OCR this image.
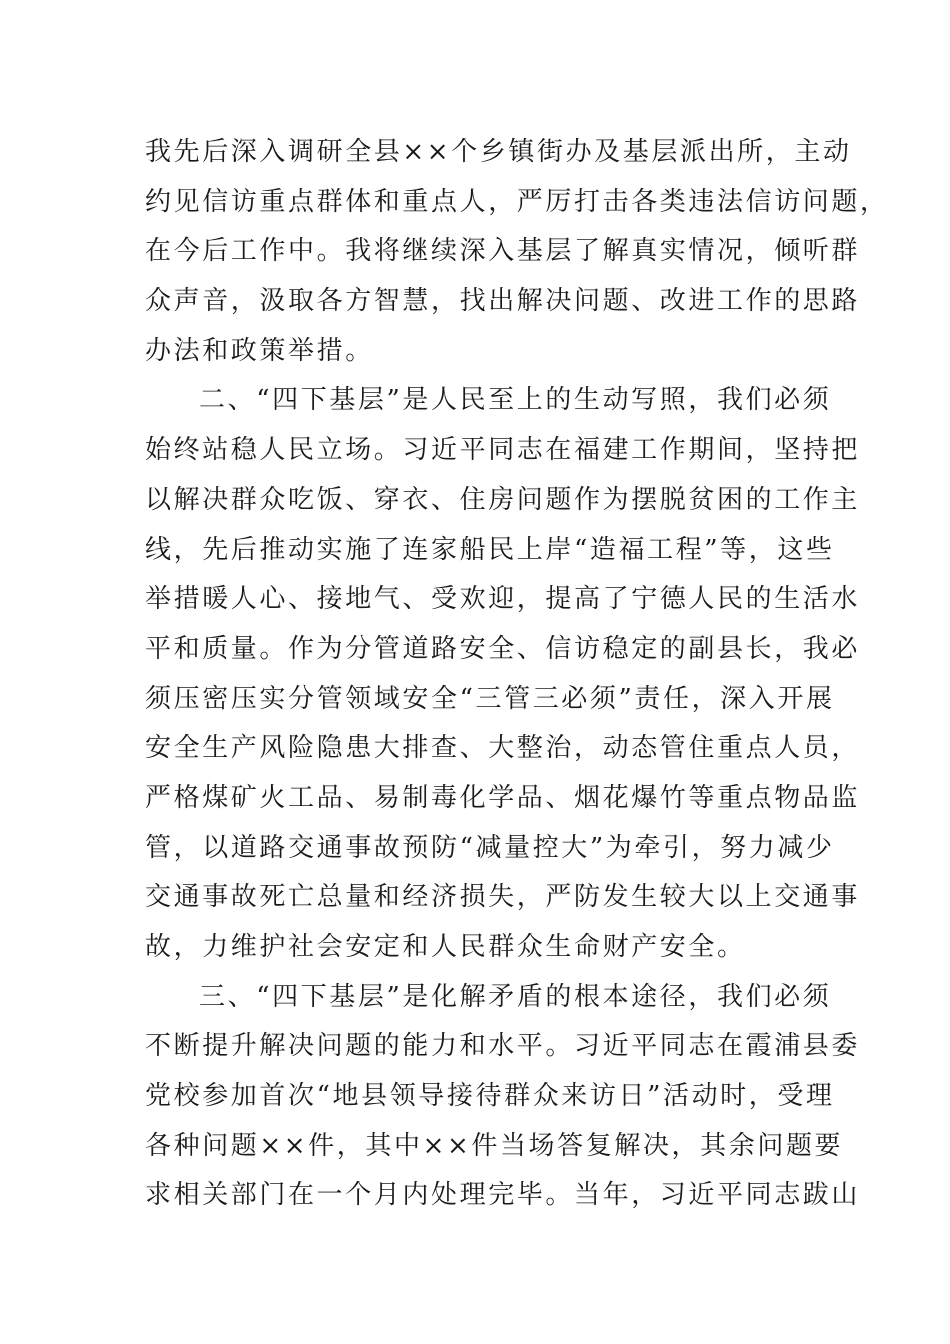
我先后深入调研全县××个乡镇街办及基层派出所，主动
约见信访重点群体和重点人，严厉打击各类违法信访问题，
在今后工作中。我将继续深入基层了解真实情况，倾听群
众声音，汲取各方智慧，找出解决问题、改进工作的思路
办法和政策举措。
二、“四下基层”是人民至上的生动写照，我们必须
始终站稳人民立场。习近平同志在福建工作期间，坚持把
以解决群众吃饭、穿衣、住房问题作为摆脱贫困的工作主
线，先后推动实施了连家船民上岸“造福工程”等，这些
举措暖人心、接地气、受欢迎，提高了宁德人民的生活水
平和质量。作为分管道路安全、信访稳定的副县长，我必
须压密压实分管领域安全“三管三必须”责任，深入开展
安全生产风险隐患大排查、大整治，动态管住重点人员，
严格煤矿火工品、易制毒化学品、烟花爆竹等重点物品监
管，以道路交通事故预防“减量控大”为牵引，努力减少
交通事故死亡总量和经济损失，严防发生较大以上交通事
故，力维护社会安定和人民群众生命财产安全。
三、“四下基层”是化解矛盾的根本途径，我们必须
不断提升解决问题的能力和水平。习近平同志在霞浦县委
党校参加首次“地县领导接待群众来访日”活动时，受理
各种问题××件，其中××件当场答复解决，其余问题要
求相关部门在一个月内处理完毕。当年，习近平同志跋山
